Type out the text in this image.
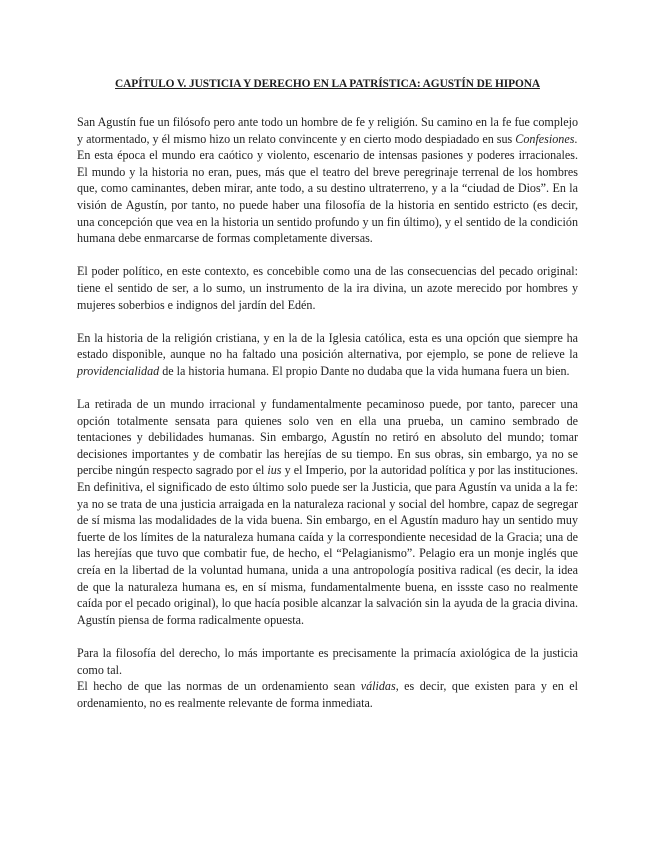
CAPÍTULO V. JUSTICIA Y DERECHO EN LA PATRÍSTICA: AGUSTÍN DE HIPONA

San Agustín fue un filósofo pero ante todo un hombre de fe y religión. Su camino en la fe fue complejo y atormentado, y él mismo hizo un relato convincente y en cierto modo despiadado en sus Confesiones.

En esta época el mundo era caótico y violento, escenario de intensas pasiones y poderes irracionales. El mundo y la historia no eran, pues, más que el teatro del breve peregrinaje terrenal de los hombres que, como caminantes, deben mirar, ante todo, a su destino ultraterreno, y a la “ciudad de Dios”. En la visión de Agustín, por tanto, no puede haber una filosofía de la historia en sentido estricto (es decir, una concepción que vea en la historia un sentido profundo y un fin último), y el sentido de la condición humana debe enmarcarse de formas completamente diversas.

El poder político, en este contexto, es concebible como una de las consecuencias del pecado original: tiene el sentido de ser, a lo sumo, un instrumento de la ira divina, un azote merecido por hombres y mujeres soberbios e indignos del jardín del Edén.

En la historia de la religión cristiana, y en la de la Iglesia católica, esta es una opción que siempre ha estado disponible, aunque no ha faltado una posición alternativa, por ejemplo, se pone de relieve la providencialidad de la historia humana. El propio Dante no dudaba que la vida humana fuera un bien.

La retirada de un mundo irracional y fundamentalmente pecaminoso puede, por tanto, parecer una opción totalmente sensata para quienes solo ven en ella una prueba, un camino sembrado de tentaciones y debilidades humanas. Sin embargo, Agustín no retiró en absoluto del mundo; tomar decisiones importantes y de combatir las herejías de su tiempo. En sus obras, sin embargo, ya no se percibe ningún respecto sagrado por el ius y el Imperio, por la autoridad política y por las instituciones. En definitiva, el significado de esto último solo puede ser la Justicia, que para Agustín va unida a la fe: ya no se trata de una justicia arraigada en la naturaleza racional y social del hombre, capaz de segregar de sí misma las modalidades de la vida buena. Sin embargo, en el Agustín maduro hay un sentido muy fuerte de los límites de la naturaleza humana caída y la correspondiente necesidad de la Gracia; una de las herejías que tuvo que combatir fue, de hecho, el “Pelagianismo”. Pelagio era un monje inglés que creía en la libertad de la voluntad humana, unida a una antropología positiva radical (es decir, la idea de que la naturaleza humana es, en sí misma, fundamentalmente buena, en issste caso no realmente caída por el pecado original), lo que hacía posible alcanzar la salvación sin la ayuda de la gracia divina. Agustín piensa de forma radicalmente opuesta.

Para la filosofía del derecho, lo más importante es precisamente la primacía axiológica de la justicia como tal.

El hecho de que las normas de un ordenamiento sean válidas, es decir, que existen para y en el ordenamiento, no es realmente relevante de forma inmediata.
